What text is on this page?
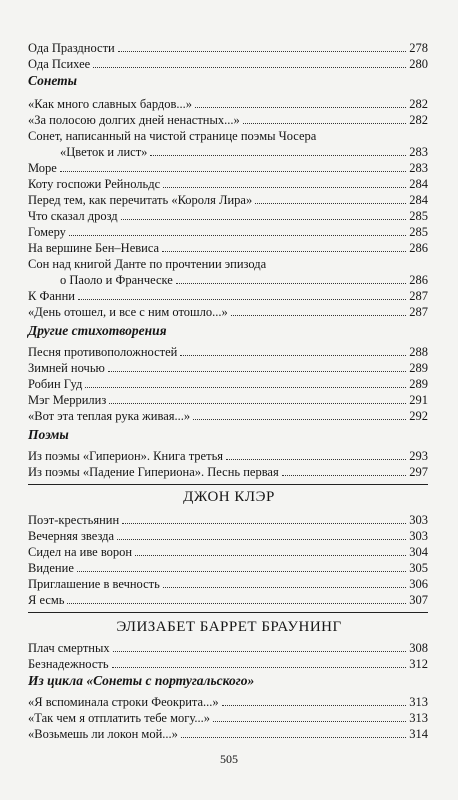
Ода Праздности	278
Ода Психее	280
Сонеты
«Как много славных бардов...»	282
«За полосою долгих дней ненастных...»	282
Сонет, написанный на чистой странице поэмы Чосера
«Цветок и лист»	283
Море	283
Коту госпожи Рейнольдс	284
Перед тем, как перечитать «Короля Лира»	284
Что сказал дрозд	285
Гомеру	285
На вершине Бен–Невиса	286
Сон над книгой Данте по прочтении эпизода
о Паоло и Франческе	286
К Фанни	287
«День отошел, и все с ним отошло...»	287
Другие стихотворения
Песня противоположностей	288
Зимней ночью	289
Робин Гуд	289
Мэг Меррилиз	291
«Вот эта теплая рука живая...»	292
Поэмы
Из поэмы «Гиперион». Книга третья	293
Из поэмы «Падение Гипериона». Песнь первая	297
ДЖОН КЛЭР
Поэт-крестьянин	303
Вечерняя звезда	303
Сидел на иве ворон	304
Видение	305
Приглашение в вечность	306
Я есмь	307
ЭЛИЗАБЕТ БАРРЕТ БРАУНИНГ
Плач смертных	308
Безнадежность	312
Из цикла «Сонеты с португальского»
«Я вспоминала строки Феокрита...»	313
«Так чем я отплатить тебе могу...»	313
«Возьмешь ли локон мой...»	314
505
